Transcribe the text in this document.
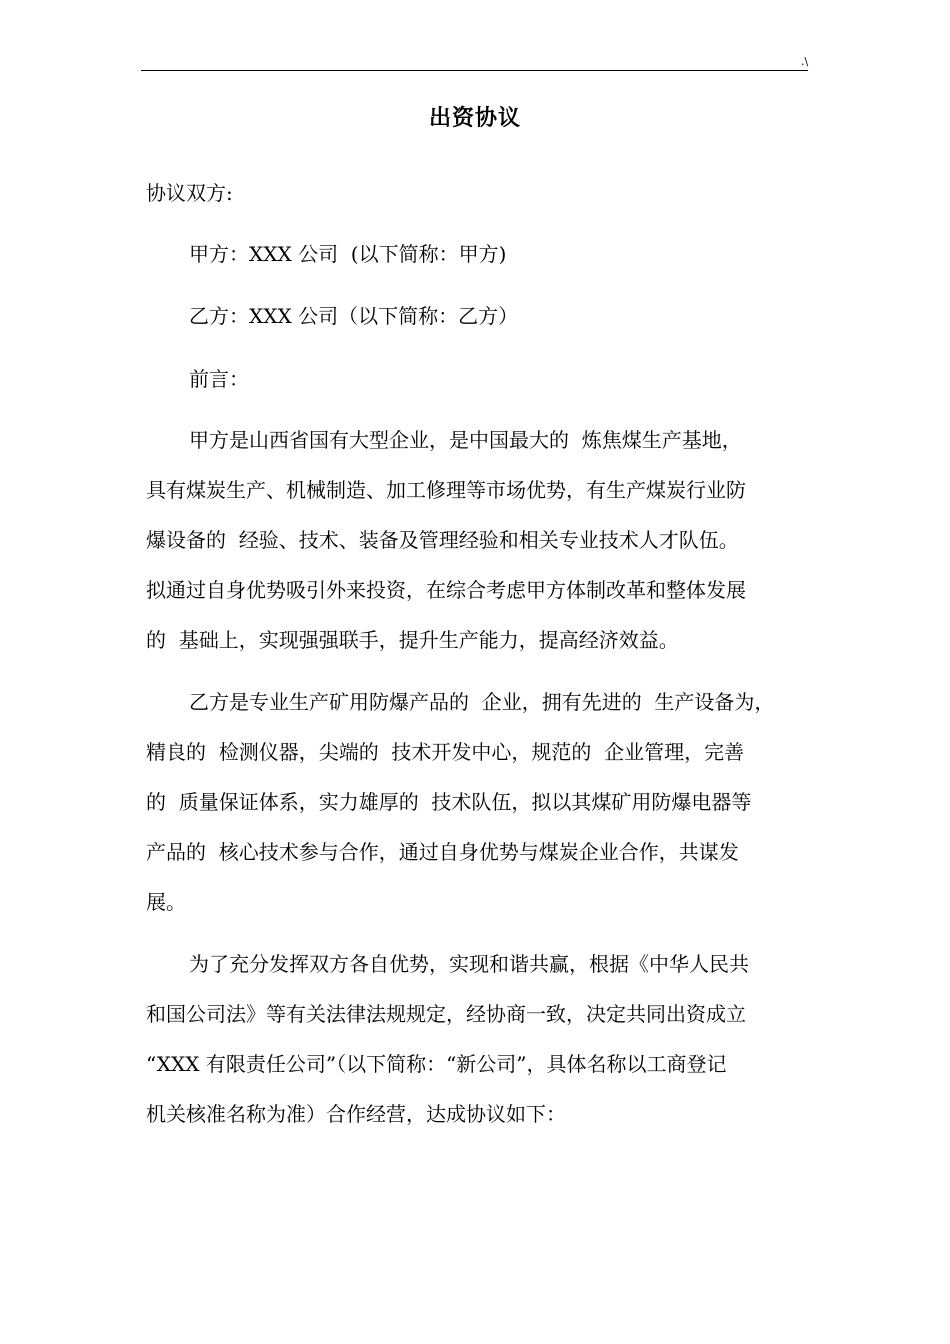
.\
出资协议
协议双方:
甲方：XXX 公司  (以下简称：甲方)
乙方：XXX 公司（以下简称：乙方）
前言：
甲方是山西省国有大型企业，是中国最大的  炼焦煤生产基地，
具有煤炭生产、机械制造、加工修理等市场优势，有生产煤炭行业防
爆设备的  经验、技术、装备及管理经验和相关专业技术人才队伍。
拟通过自身优势吸引外来投资，在综合考虑甲方体制改革和整体发展
的  基础上，实现强强联手，提升生产能力，提高经济效益。
乙方是专业生产矿用防爆产品的  企业，拥有先进的  生产设备为，
精良的  检测仪器，尖端的  技术开发中心，规范的  企业管理，完善
的  质量保证体系，实力雄厚的  技术队伍，拟以其煤矿用防爆电器等
产品的  核心技术参与合作，通过自身优势与煤炭企业合作，共谋发
展。
为了充分发挥双方各自优势，实现和谐共赢，根据《中华人民共
和国公司法》等有关法律法规规定，经协商一致，决定共同出资成立
“XXX 有限责任公司”（以下简称：“新公司”，具体名称以工商登记
机关核准名称为准）合作经营，达成协议如下：
